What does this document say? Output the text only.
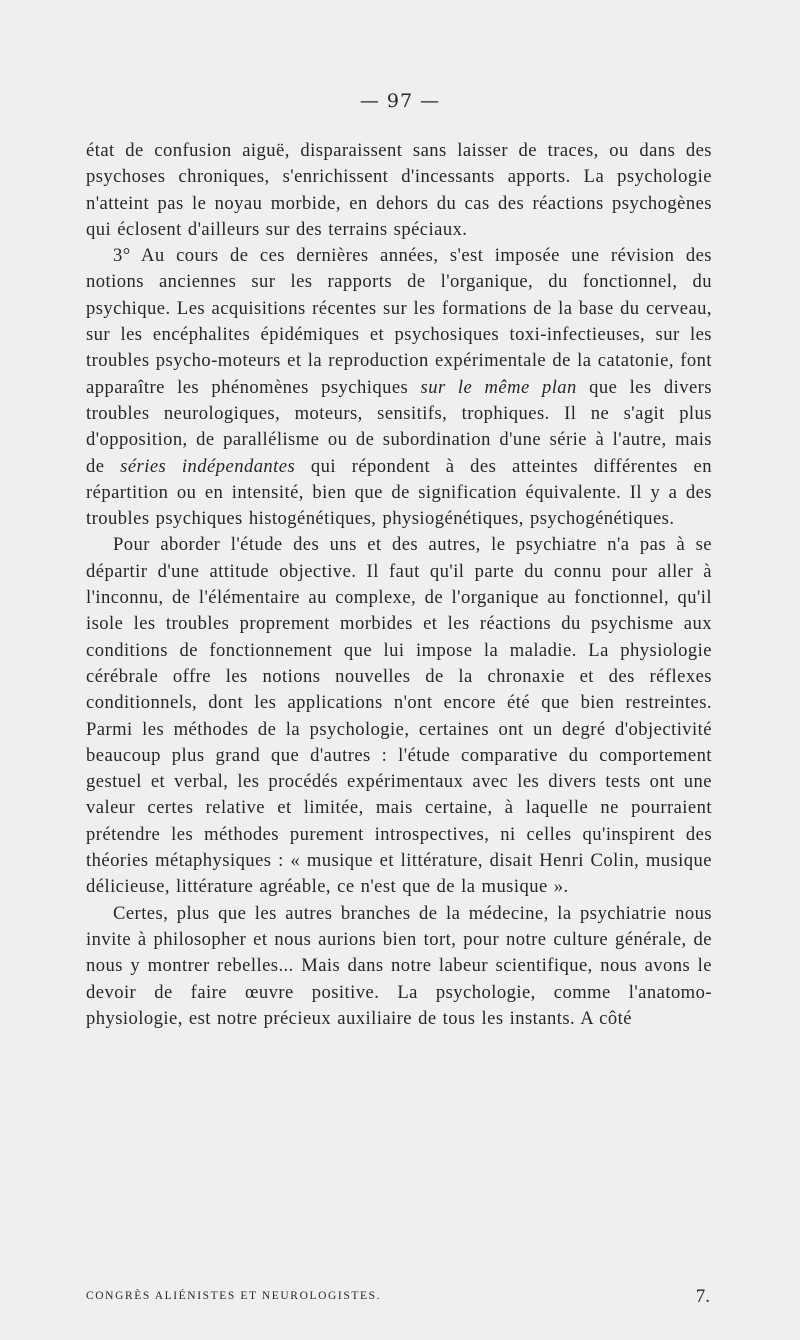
— 97 —

état de confusion aiguë, disparaissent sans laisser de traces, ou dans des psychoses chroniques, s'enrichissent d'incessants apports. La psychologie n'atteint pas le noyau morbide, en dehors du cas des réactions psychogènes qui éclosent d'ailleurs sur des terrains spéciaux.

3° Au cours de ces dernières années, s'est imposée une révision des notions anciennes sur les rapports de l'organique, du fonctionnel, du psychique. Les acquisitions récentes sur les formations de la base du cerveau, sur les encéphalites épidémiques et psychosiques toxi-infectieuses, sur les troubles psycho-moteurs et la reproduction expérimentale de la catatonie, font apparaître les phénomènes psychiques sur le même plan que les divers troubles neurologiques, moteurs, sensitifs, trophiques. Il ne s'agit plus d'opposition, de parallélisme ou de subordination d'une série à l'autre, mais de séries indépendantes qui répondent à des atteintes différentes en répartition ou en intensité, bien que de signification équivalente. Il y a des troubles psychiques histogénétiques, physiogénétiques, psychogénétiques.

Pour aborder l'étude des uns et des autres, le psychiatre n'a pas à se départir d'une attitude objective. Il faut qu'il parte du connu pour aller à l'inconnu, de l'élémentaire au complexe, de l'organique au fonctionnel, qu'il isole les troubles proprement morbides et les réactions du psychisme aux conditions de fonctionnement que lui impose la maladie. La physiologie cérébrale offre les notions nouvelles de la chronaxie et des réflexes conditionnels, dont les applications n'ont encore été que bien restreintes. Parmi les méthodes de la psychologie, certaines ont un degré d'objectivité beaucoup plus grand que d'autres : l'étude comparative du comportement gestuel et verbal, les procédés expérimentaux avec les divers tests ont une valeur certes relative et limitée, mais certaine, à laquelle ne pourraient prétendre les méthodes purement introspectives, ni celles qu'inspirent des théories métaphysiques : « musique et littérature, disait Henri Colin, musique délicieuse, littérature agréable, ce n'est que de la musique ».

Certes, plus que les autres branches de la médecine, la psychiatrie nous invite à philosopher et nous aurions bien tort, pour notre culture générale, de nous y montrer rebelles... Mais dans notre labeur scientifique, nous avons le devoir de faire œuvre positive. La psychologie, comme l'anatomo-physiologie, est notre précieux auxiliaire de tous les instants. A côté

CONGRÈS ALIÉNISTES ET NEUROLOGISTES.	7.
